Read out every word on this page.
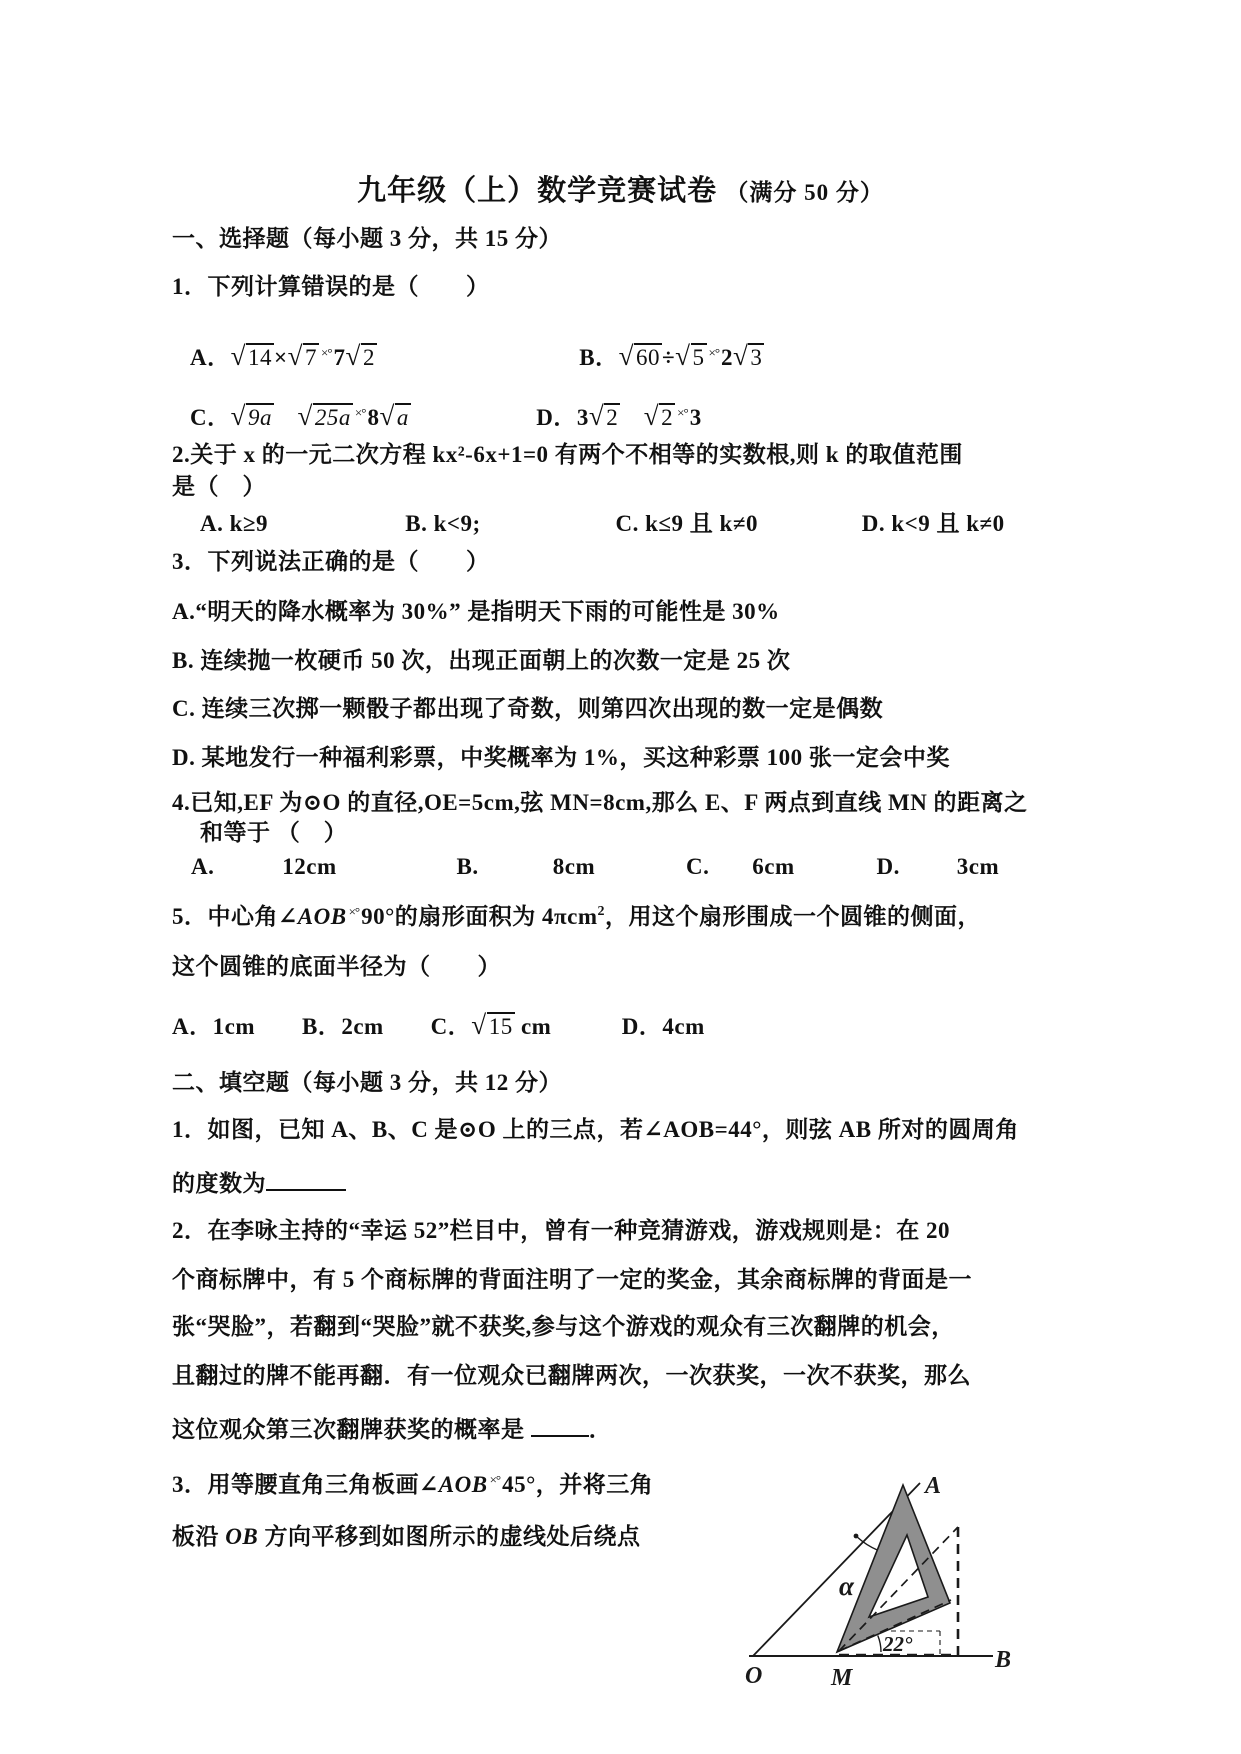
九年级（上）数学竞赛试卷 （满分 50 分）
一、选择题（每小题 3 分，共 15 分）
1．下列计算错误的是（　　）
A．√14×√7 ×°7√2	B．√60÷√5 ×°2√3
C．√9a　 √25a ×°8√a	D．3√2　 √2 ×°3
2.关于 x 的一元二次方程 kx²-6x+1=0 有两个不相等的实数根,则 k 的取值范围
是（　）
A. k≥9	B. k<9;	C. k≤9 且 k≠0	D. k<9 且 k≠0
3．下列说法正确的是（　　）
A.“明天的降水概率为 30%” 是指明天下雨的可能性是 30%
B. 连续抛一枚硬币 50 次，出现正面朝上的次数一定是 25 次
C. 连续三次掷一颗骰子都出现了奇数，则第四次出现的数一定是偶数
D. 某地发行一种福利彩票，中奖概率为 1%，买这种彩票 100 张一定会中奖
4.已知,EF 为⊙O 的直径,OE=5cm,弦 MN=8cm,那么 E、F 两点到直线 MN 的距离之
和等于 （　）
A.	12cm	B.	8cm	C. 6cm	D. 3cm
5．中心角∠AOB ×°90°的扇形面积为 4πcm$^2$，用这个扇形围成一个圆锥的侧面，
这个圆锥的底面半径为（　　）
A．1cm　　B．2cm　　C．√15 cm　　　D．4cm
二、填空题（每小题 3 分，共 12 分）
1．如图，已知 A、B、C 是⊙O 上的三点，若∠AOB=44°，则弦 AB 所对的圆周角
的度数为
2．在李咏主持的“幸运 52”栏目中，曾有一种竞猜游戏，游戏规则是：在 20
个商标牌中，有 5 个商标牌的背面注明了一定的奖金，其余商标牌的背面是一
张“哭脸”，若翻到“哭脸”就不获奖,参与这个游戏的观众有三次翻牌的机会，
且翻过的牌不能再翻．有一位观众已翻牌两次，一次获奖，一次不获奖，那么
这位观众第三次翻牌获奖的概率是	．
3．用等腰直角三角板画∠AOB ×°45°，并将三角
板沿 OB 方向平移到如图所示的虚线处后绕点
A
α
22°
O	M
B
